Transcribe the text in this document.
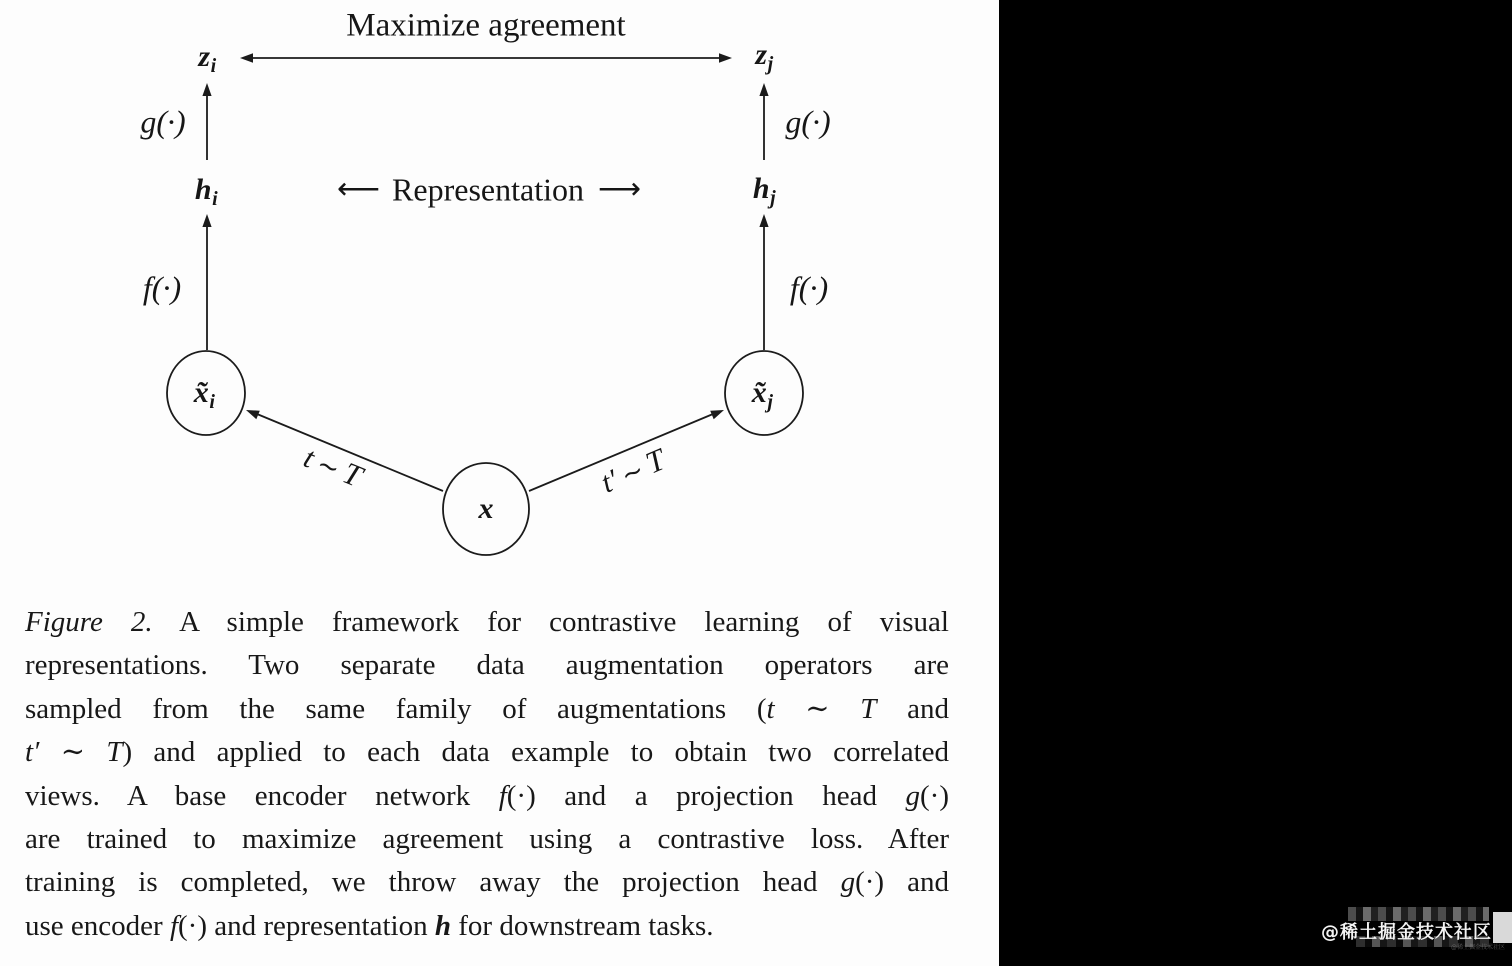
Maximize agreement
$z_i$	$z_j$
g(·)	g(·)
$h_i$	$h_j$
⟵ Representation ⟶
f(·)	f(·)
$x̃_i$	$x̃_j$
x
t∼T	t′∼T
Figure 2. A simple framework for contrastive learning of visual
representations. Two separate data augmentation operators are
sampled from the same family of augmentations (t ∼ T and
t′ ∼ T) and applied to each data example to obtain two correlated
views. A base encoder network f(·) and a projection head g(·)
are trained to maximize agreement using a contrastive loss. After
training is completed, we throw away the projection head g(·) and
use encoder f(·) and representation h for downstream tasks.	@稀土掘金技术社区
@稀土掘金技术社区
